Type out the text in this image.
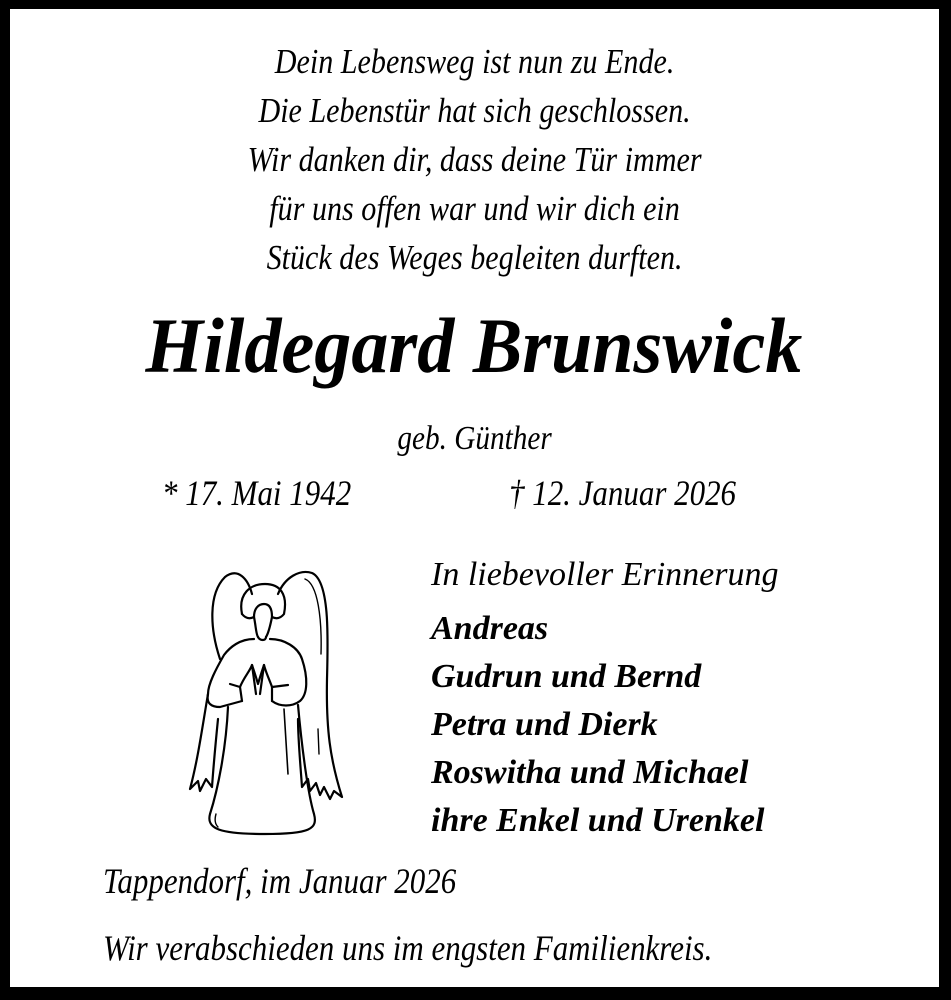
Dein Lebensweg ist nun zu Ende.
Die Lebenstür hat sich geschlossen.
Wir danken dir, dass deine Tür immer
für uns offen war und wir dich ein
Stück des Weges begleiten durften.
Hildegard Brunswick
geb. Günther
* 17. Mai 1942	† 12. Januar 2026
In liebevoller Erinnerung
Andreas
Gudrun und Bernd
Petra und Dierk
Roswitha und Michael
ihre Enkel und Urenkel
Tappendorf, im Januar 2026
Wir verabschieden uns im engsten Familienkreis.
